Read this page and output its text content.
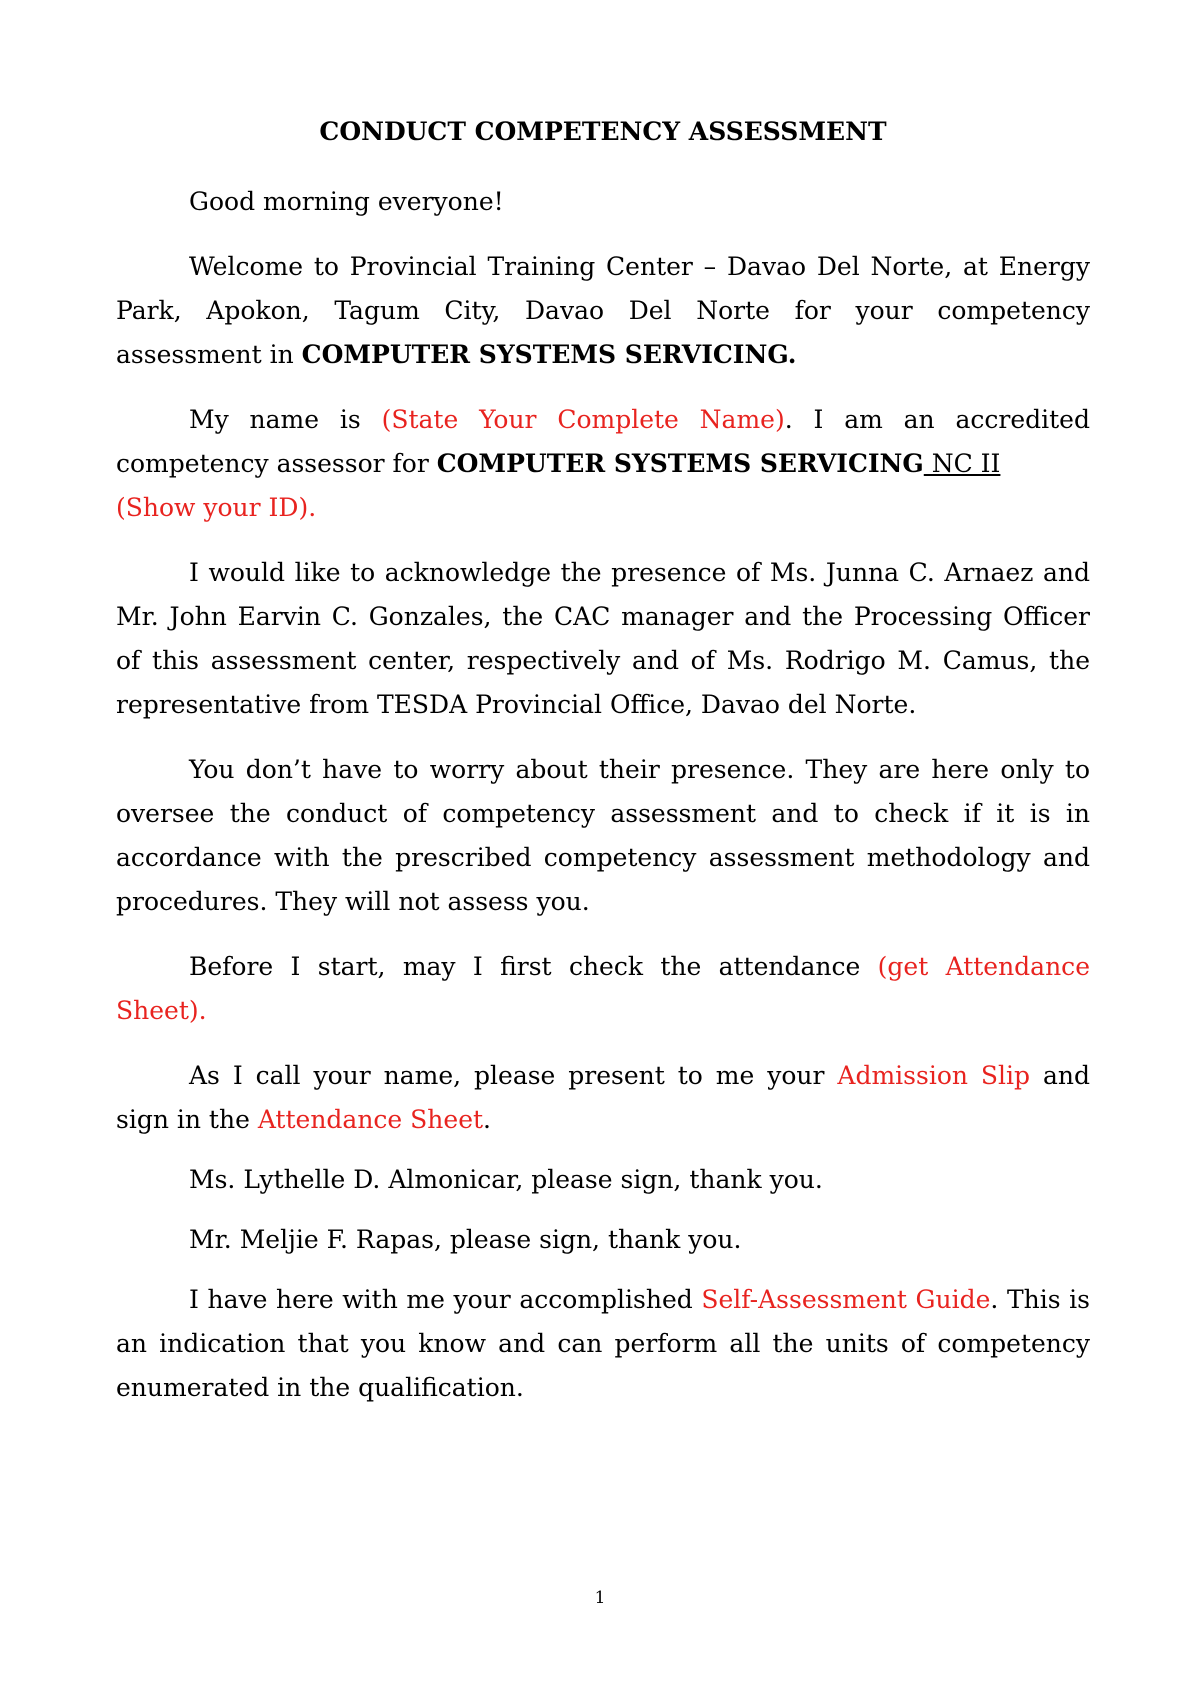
CONDUCT COMPETENCY ASSESSMENT

Good morning everyone!

Welcome to Provincial Training Center – Davao Del Norte, at Energy Park, Apokon, Tagum City, Davao Del Norte for your competency assessment in COMPUTER SYSTEMS SERVICING.

My name is (State Your Complete Name). I am an accredited competency assessor for COMPUTER SYSTEMS SERVICING NC II
(Show your ID).

I would like to acknowledge the presence of Ms. Junna C. Arnaez and Mr. John Earvin C. Gonzales, the CAC manager and the Processing Officer of this assessment center, respectively and of Ms. Rodrigo M. Camus, the representative from TESDA Provincial Office, Davao del Norte.

You don’t have to worry about their presence. They are here only to oversee the conduct of competency assessment and to check if it is in accordance with the prescribed competency assessment methodology and procedures. They will not assess you.

Before I start, may I first check the attendance (get Attendance Sheet).

As I call your name, please present to me your Admission Slip and sign in the Attendance Sheet.

Ms. Lythelle D. Almonicar, please sign, thank you.

Mr. Meljie F. Rapas, please sign, thank you.

I have here with me your accomplished Self-Assessment Guide. This is an indication that you know and can perform all the units of competency enumerated in the qualification.

1
